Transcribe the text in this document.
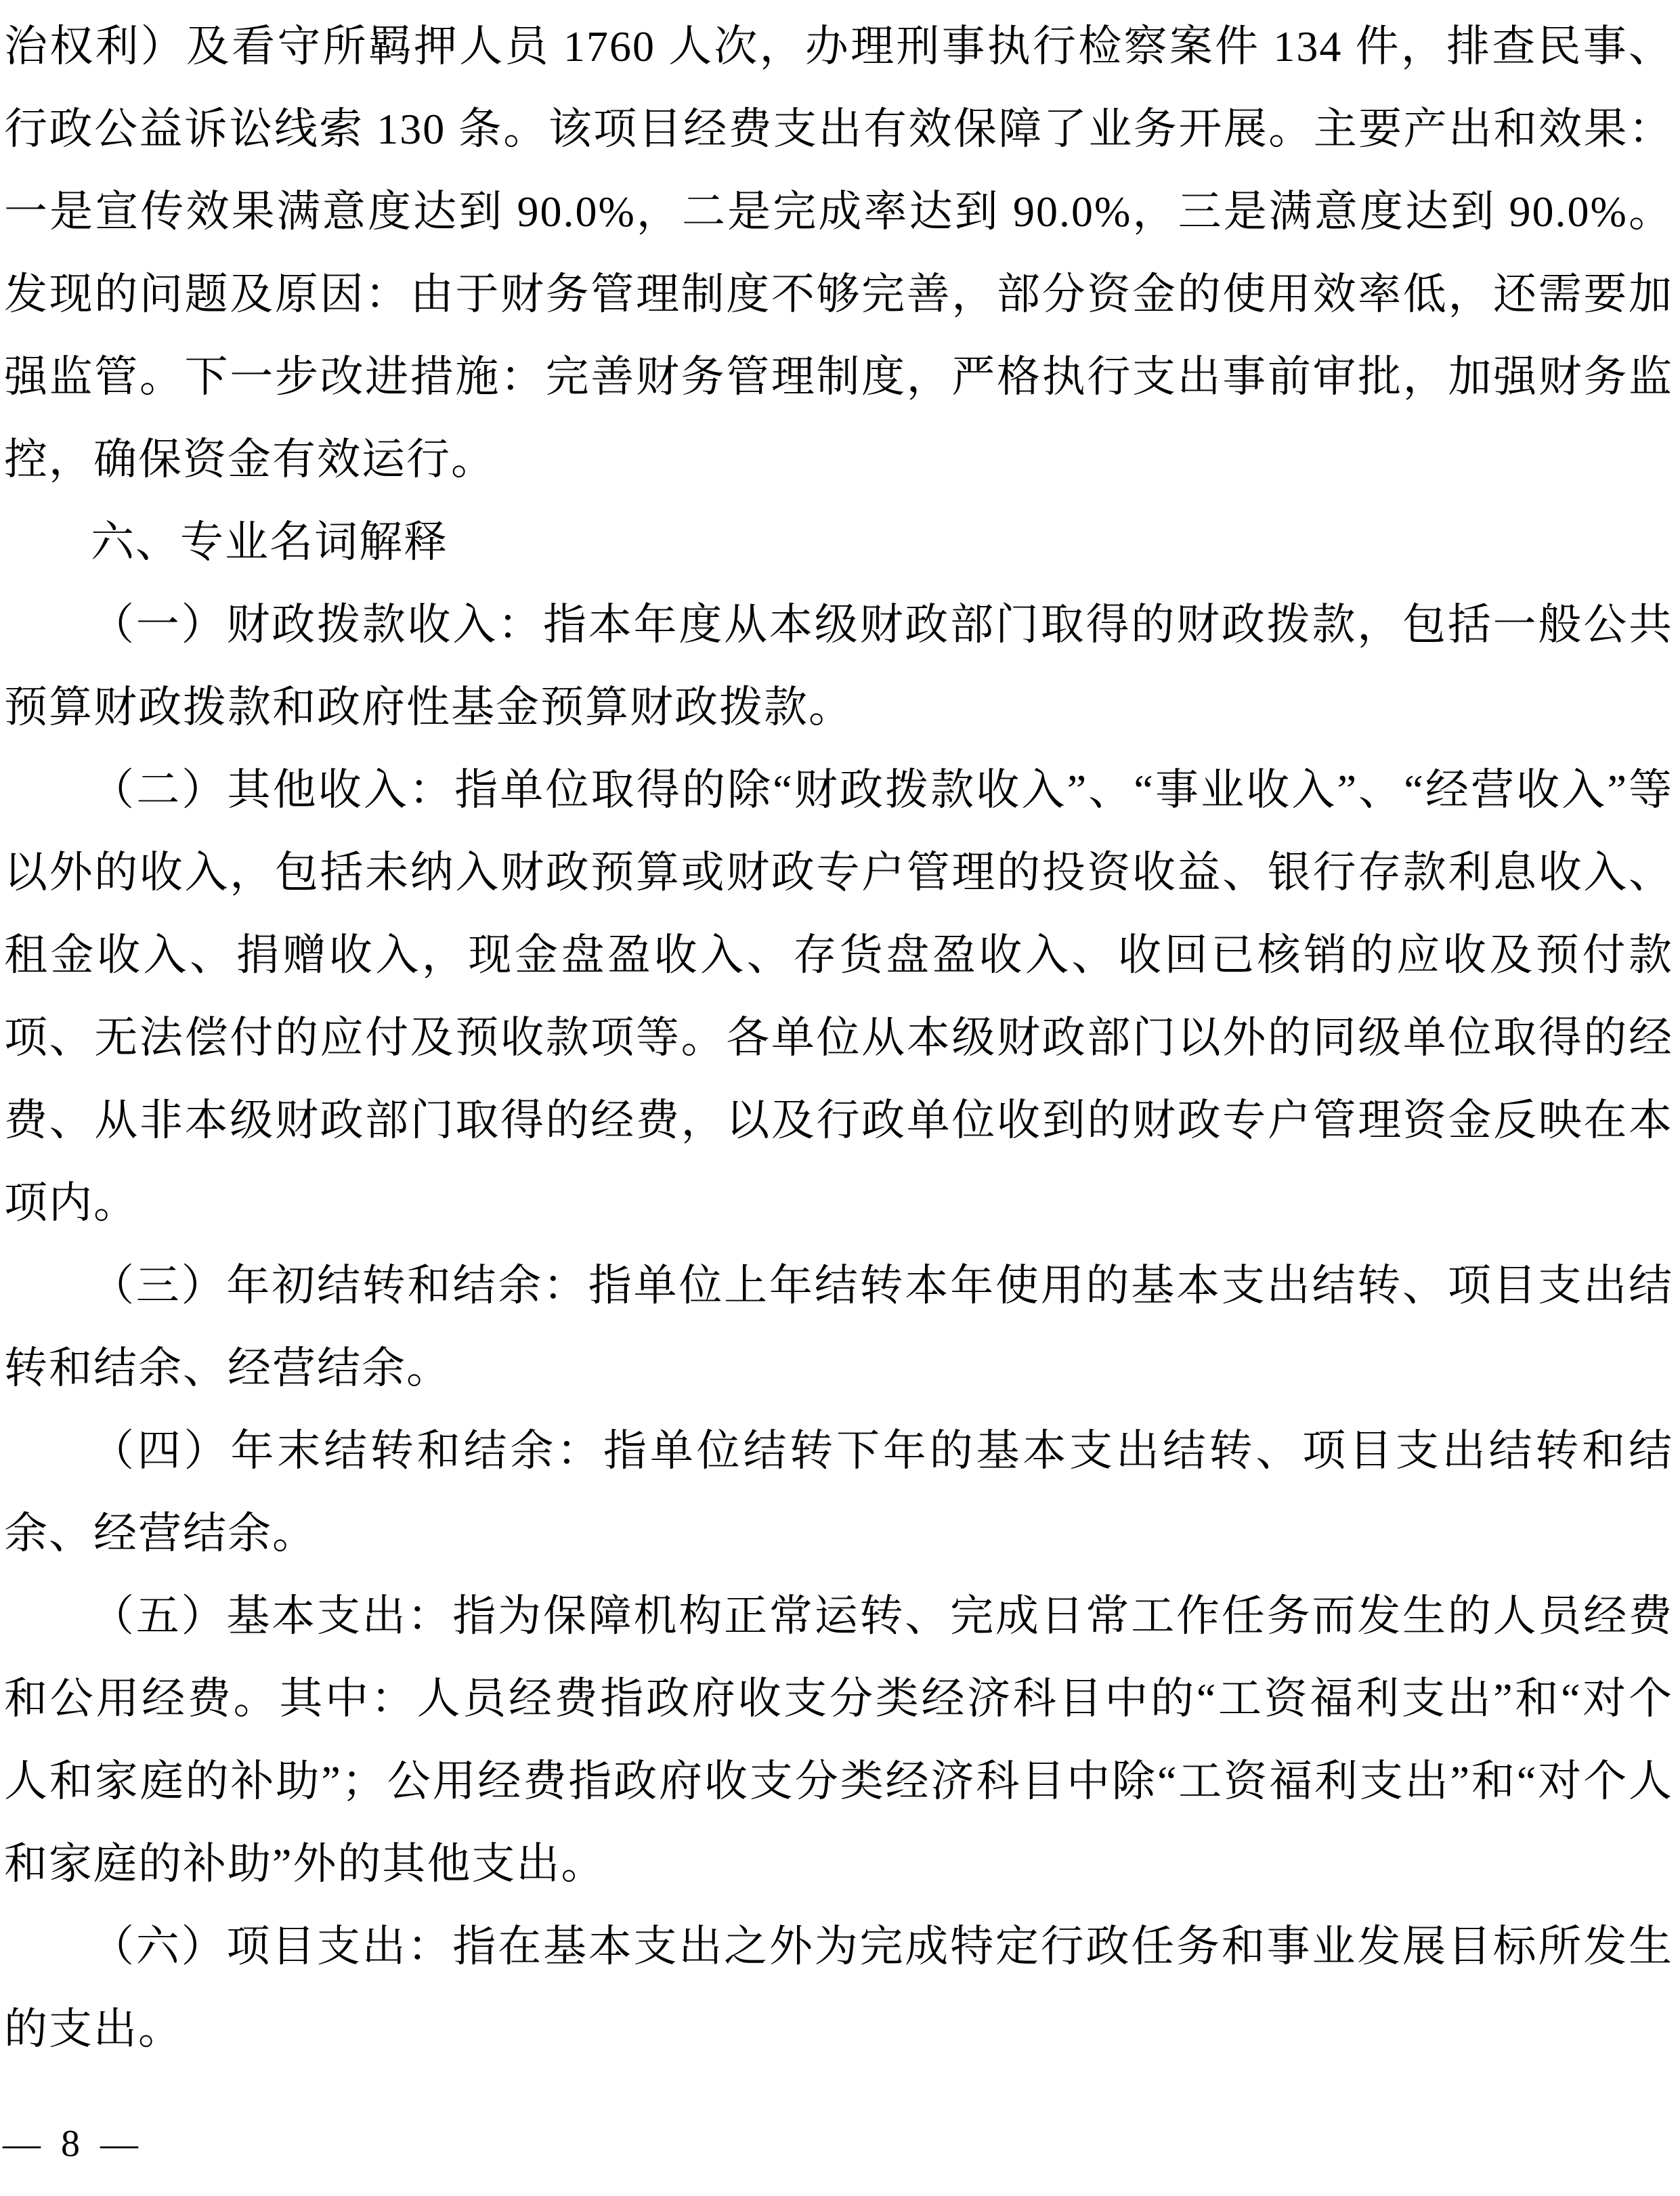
治权利）及看守所羁押人员 1760 人次，办理刑事执行检察案件 134 件，排查民事、行政公益诉讼线索 130 条。该项目经费支出有效保障了业务开展。主要产出和效果：一是宣传效果满意度达到 90.0%，二是完成率达到 90.0%，三是满意度达到 90.0%。发现的问题及原因：由于财务管理制度不够完善，部分资金的使用效率低，还需要加强监管。下一步改进措施：完善财务管理制度，严格执行支出事前审批，加强财务监控，确保资金有效运行。

六、专业名词解释

（一）财政拨款收入：指本年度从本级财政部门取得的财政拨款，包括一般公共预算财政拨款和政府性基金预算财政拨款。

（二）其他收入：指单位取得的除“财政拨款收入”、“事业收入”、“经营收入”等以外的收入，包括未纳入财政预算或财政专户管理的投资收益、银行存款利息收入、租金收入、捐赠收入，现金盘盈收入、存货盘盈收入、收回已核销的应收及预付款项、无法偿付的应付及预收款项等。各单位从本级财政部门以外的同级单位取得的经费、从非本级财政部门取得的经费，以及行政单位收到的财政专户管理资金反映在本项内。

（三）年初结转和结余：指单位上年结转本年使用的基本支出结转、项目支出结转和结余、经营结余。

（四）年末结转和结余：指单位结转下年的基本支出结转、项目支出结转和结余、经营结余。

（五）基本支出：指为保障机构正常运转、完成日常工作任务而发生的人员经费和公用经费。其中：人员经费指政府收支分类经济科目中的“工资福利支出”和“对个人和家庭的补助”；公用经费指政府收支分类经济科目中除“工资福利支出”和“对个人和家庭的补助”外的其他支出。

（六）项目支出：指在基本支出之外为完成特定行政任务和事业发展目标所发生的支出。

— 8 —
